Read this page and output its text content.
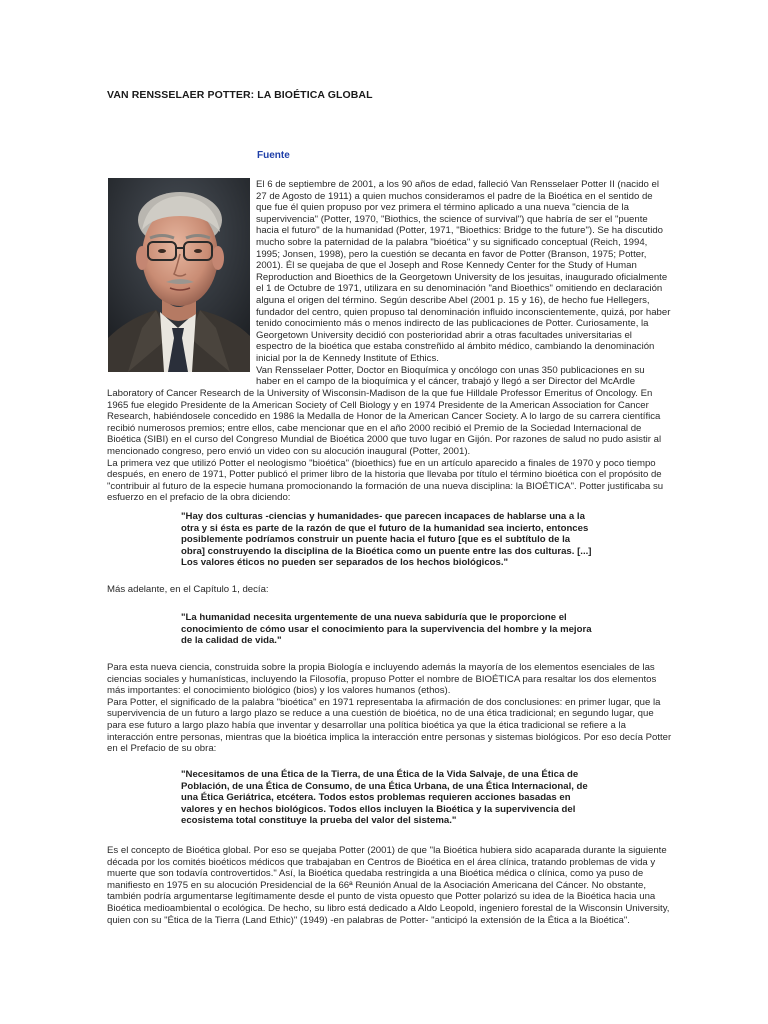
VAN RENSSELAER POTTER: LA BIOÉTICA GLOBAL
Fuente

El 6 de septiembre de 2001, a los 90 años de edad, falleció Van Rensselaer Potter II (nacido el

27 de Agosto de 1911) a quien muchos consideramos el padre de la Bioética en el sentido de

que fue él quien propuso por vez primera el término aplicado a una nueva "ciencia de la

supervivencia" (Potter, 1970, "Biothics, the science of survival") que habría de ser el "puente

hacia el futuro" de la humanidad (Potter, 1971, "Bioethics: Bridge to the future"). Se ha discutido

mucho sobre la paternidad de la palabra "bioética" y su significado conceptual (Reich, 1994,

1995; Jonsen, 1998), pero la cuestión se decanta en favor de Potter (Branson, 1975; Potter,

2001). Él se quejaba de que el Joseph and Rose Kennedy Center for the Study of Human

Reproduction and Bioethics de la Georgetown University de los jesuitas, inaugurado oficialmente

el 1 de Octubre de 1971, utilizara en su denominación "and Bioethics" omitiendo en declaración

alguna el origen del término. Según describe Abel (2001 p. 15 y 16), de hecho fue Hellegers,

fundador del centro, quien propuso tal denominación influido inconscientemente, quizá, por haber

tenido conocimiento más o menos indirecto de las publicaciones de Potter. Curiosamente, la

Georgetown University decidió con posterioridad abrir a otras facultades universitarias el

espectro de la bioética que estaba constreñido al ámbito médico, cambiando la denominación

inicial por la de Kennedy Institute of Ethics.

Van Rensselaer Potter, Doctor en Bioquímica y oncólogo con unas 350 publicaciones en su

haber en el campo de la bioquímica y el cáncer, trabajó y llegó a ser Director del McArdle

Laboratory of Cancer Research de la University of Wisconsin-Madison de la que fue Hilldale Professor Emeritus of Oncology. En

1965 fue elegido Presidente de la American Society of Cell Biology y en 1974 Presidente de la American Association for Cancer

Research, habiéndosele concedido en 1986 la Medalla de Honor de la American Cancer Society. A lo largo de su carrera científica

recibió numerosos premios; entre ellos, cabe mencionar que en el año 2000 recibió el Premio de la Sociedad Internacional de

Bioética (SIBI) en el curso del Congreso Mundial de Bioética 2000 que tuvo lugar en Gijón. Por razones de salud no pudo asistir al

mencionado congreso, pero envió un video con su alocución inaugural (Potter, 2001).

La primera vez que utilizó Potter el neologismo "bioética" (bioethics) fue en un artículo aparecido a finales de 1970 y poco tiempo

después, en enero de 1971, Potter publicó el primer libro de la historia que llevaba por título el término bioética con el propósito de

"contribuir al futuro de la especie humana promocionando la formación de una nueva disciplina: la BIOÉTICA". Potter justificaba su

esfuerzo en el prefacio de la obra diciendo:

"Hay dos culturas -ciencias y humanidades- que parecen incapaces de hablarse una a la

otra y si ésta es parte de la razón de que el futuro de la humanidad sea incierto, entonces

posiblemente podríamos construir un puente hacia el futuro [que es el subtítulo de la

obra] construyendo la disciplina de la Bioética como un puente entre las dos culturas. [...]

Los valores éticos no pueden ser separados de los hechos biológicos."

Más adelante, en el Capítulo 1, decía:

"La humanidad necesita urgentemente de una nueva sabiduría que le proporcione el

conocimiento de cómo usar el conocimiento para la supervivencia del hombre y la mejora

de la calidad de vida."

Para esta nueva ciencia, construida sobre la propia Biología e incluyendo además la mayoría de los elementos esenciales de las

ciencias sociales y humanísticas, incluyendo la Filosofía, propuso Potter el nombre de BIOÉTICA para resaltar los dos elementos

más importantes: el conocimiento biológico (bios) y los valores humanos (ethos).

Para Potter, el significado de la palabra "bioética" en 1971 representaba la afirmación de dos conclusiones: en primer lugar, que la

supervivencia de un futuro a largo plazo se reduce a una cuestión de bioética, no de una ética tradicional; en segundo lugar, que

para ese futuro a largo plazo había que inventar y desarrollar una política bioética ya que la ética tradicional se refiere a la

interacción entre personas, mientras que la bioética implica la interacción entre personas y sistemas biológicos. Por eso decía Potter

en el Prefacio de su obra:

"Necesitamos de una Ética de la Tierra, de una Ética de la Vida Salvaje, de una Ética de

Población, de una Ética de Consumo, de una Ética Urbana, de una Ética Internacional, de

una Ética Geriátrica, etcétera. Todos estos problemas requieren acciones basadas en

valores y en hechos biológicos. Todos ellos incluyen la Bioética y la supervivencia del

ecosistema total constituye la prueba del valor del sistema."

Es el concepto de Bioética global. Por eso se quejaba Potter (2001) de que "la Bioética hubiera sido acaparada durante la siguiente

década por los comités bioéticos médicos que trabajaban en Centros de Bioética en el área clínica, tratando problemas de vida y

muerte que son todavía controvertidos." Así, la Bioética quedaba restringida a una Bioética médica o clínica, como ya puso de

manifiesto en 1975 en su alocución Presidencial de la 66ª Reunión Anual de la Asociación Americana del Cáncer. No obstante,

también podría argumentarse legítimamente desde el punto de vista opuesto que Potter polarizó su idea de la Bioética hacia una

Bioética medioambiental o ecológica. De hecho, su libro está dedicado a Aldo Leopold, ingeniero forestal de la Wisconsin University,

quien con su "Ética de la Tierra (Land Ethic)" (1949) -en palabras de Potter- "anticipó la extensión de la Ética a la Bioética".
